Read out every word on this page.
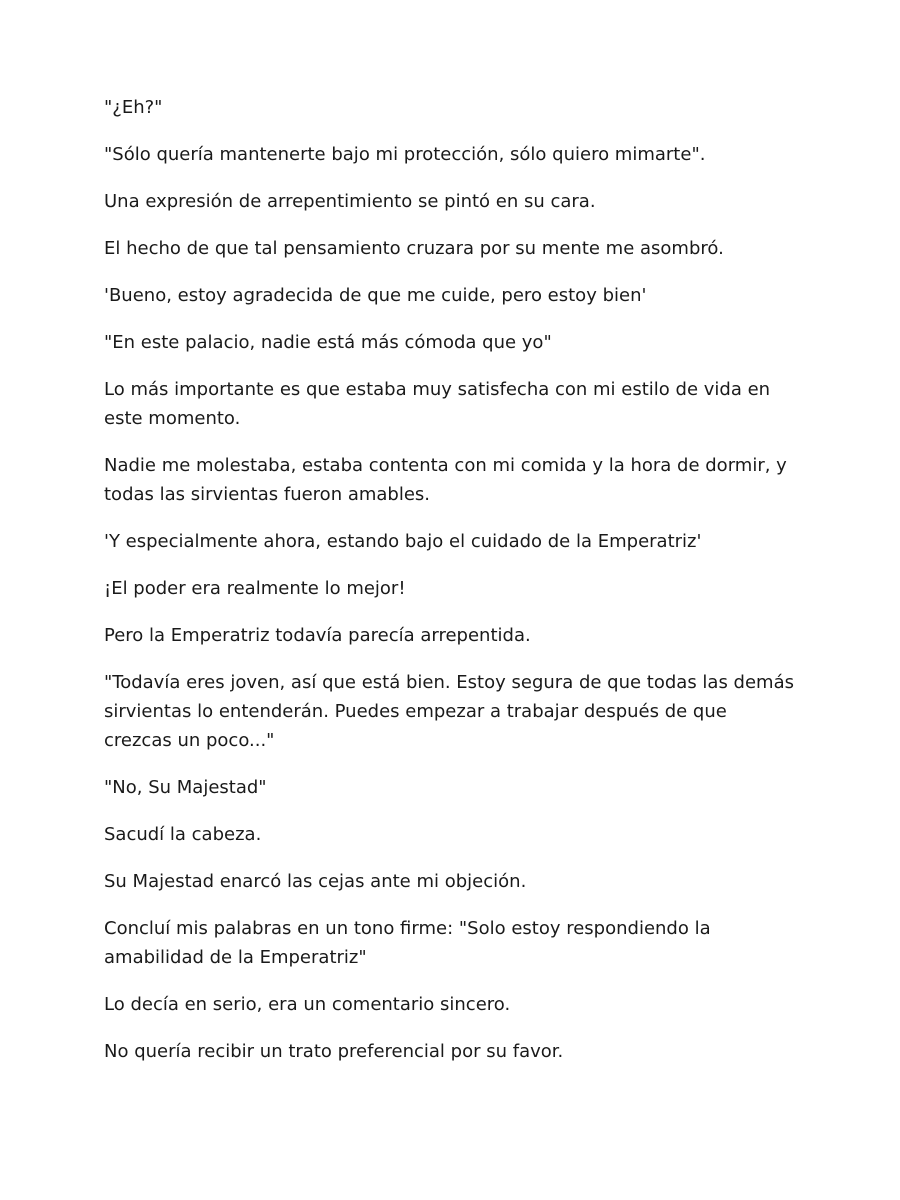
"¿Eh?"

"Sólo quería mantenerte bajo mi protección, sólo quiero mimarte".

Una expresión de arrepentimiento se pintó en su cara.

El hecho de que tal pensamiento cruzara por su mente me asombró.

'Bueno, estoy agradecida de que me cuide, pero estoy bien'

"En este palacio, nadie está más cómoda que yo"

Lo más importante es que estaba muy satisfecha con mi estilo de vida en este momento.

Nadie me molestaba, estaba contenta con mi comida y la hora de dormir, y todas las sirvientas fueron amables.

'Y especialmente ahora, estando bajo el cuidado de la Emperatriz'

¡El poder era realmente lo mejor!

Pero la Emperatriz todavía parecía arrepentida.

"Todavía eres joven, así que está bien. Estoy segura de que todas las demás sirvientas lo entenderán. Puedes empezar a trabajar después de que crezcas un poco..."

"No, Su Majestad"

Sacudí la cabeza.

Su Majestad enarcó las cejas ante mi objeción.

Concluí mis palabras en un tono firme: "Solo estoy respondiendo la amabilidad de la Emperatriz"

Lo decía en serio, era un comentario sincero.

No quería recibir un trato preferencial por su favor.
